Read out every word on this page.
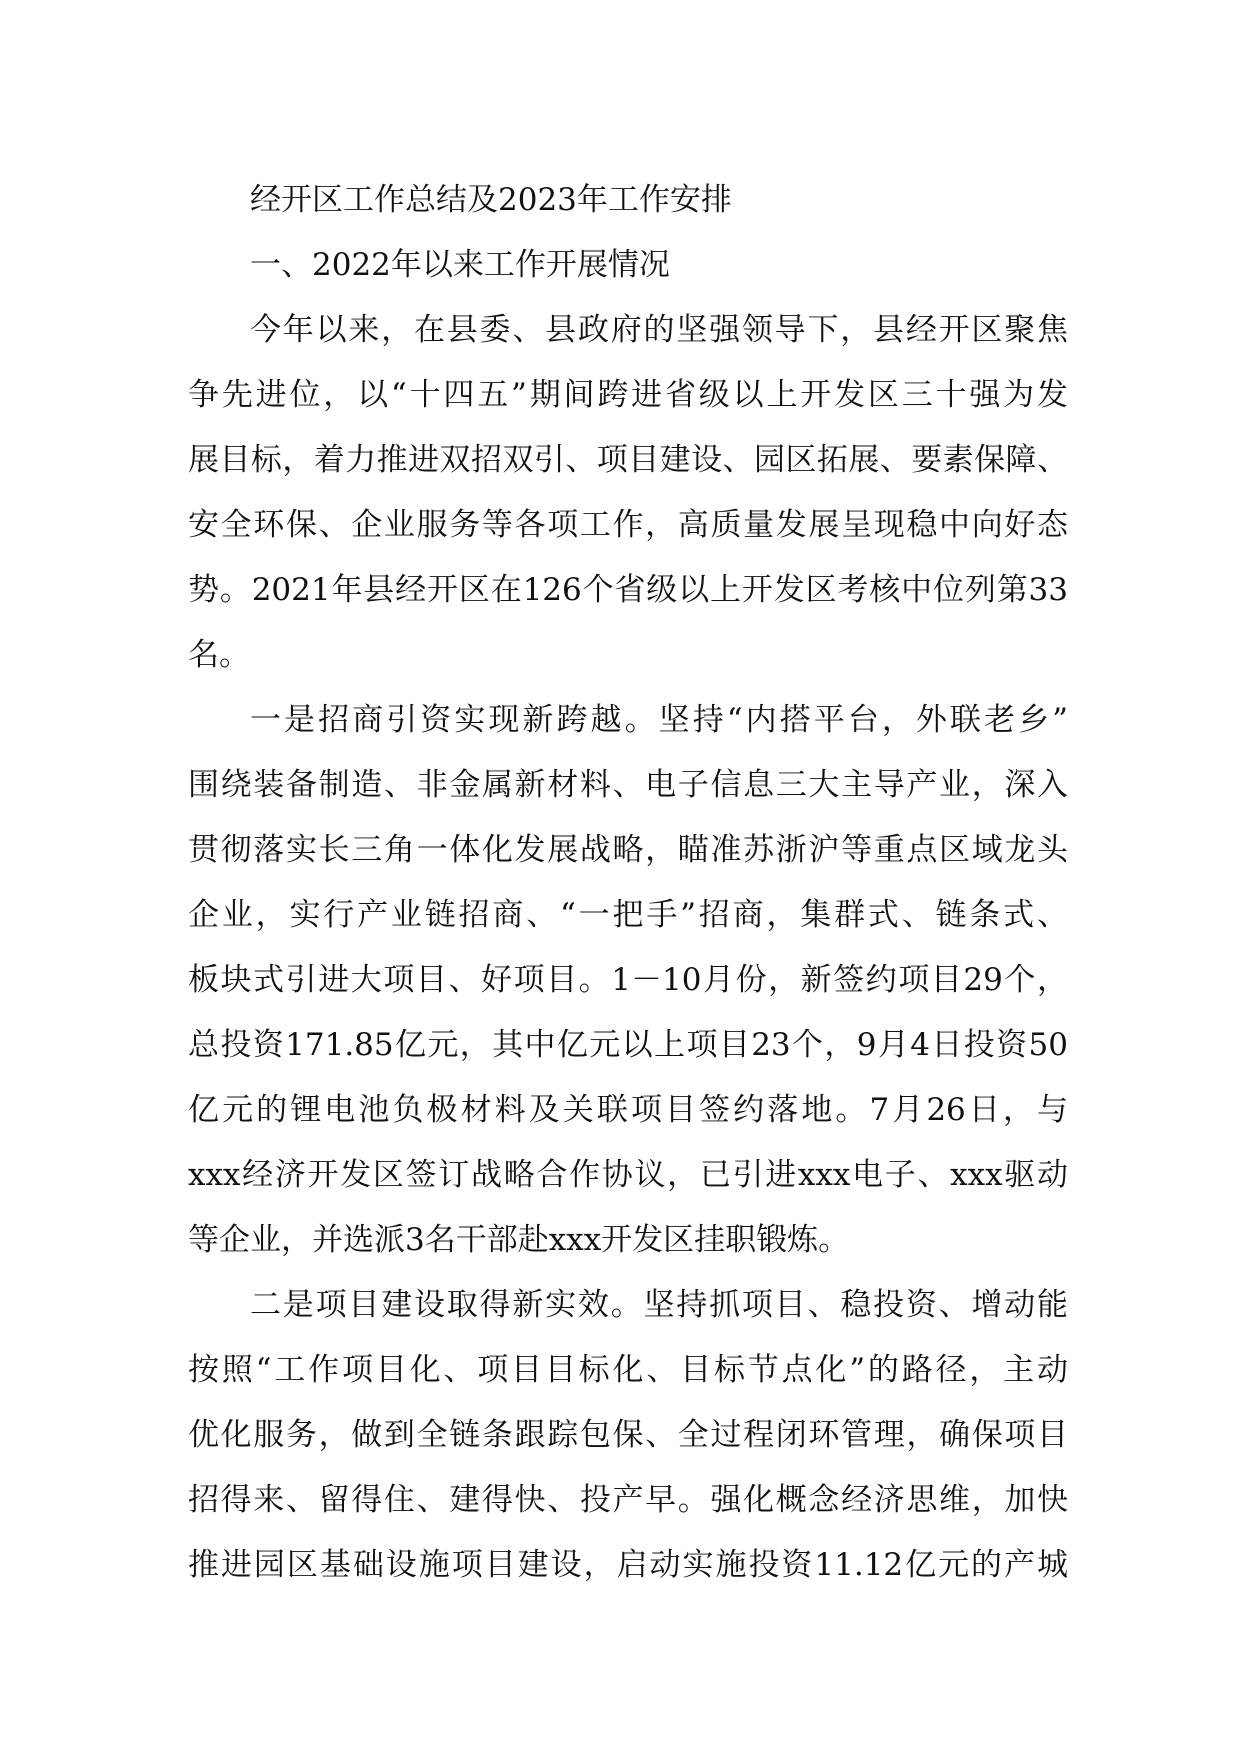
经开区工作总结及2023年工作安排
一、2022年以来工作开展情况
今年以来，在县委、县政府的坚强领导下，县经开区聚焦
争先进位，以“十四五”期间跨进省级以上开发区三十强为发
展目标，着力推进双招双引、项目建设、园区拓展、要素保障、
安全环保、企业服务等各项工作，高质量发展呈现稳中向好态
势。2021年县经开区在126个省级以上开发区考核中位列第33
名。
一是招商引资实现新跨越。坚持“内搭平台，外联老乡”
围绕装备制造、非金属新材料、电子信息三大主导产业，深入
贯彻落实长三角一体化发展战略，瞄准苏浙沪等重点区域龙头
企业，实行产业链招商、“一把手”招商，集群式、链条式、
板块式引进大项目、好项目。1－10月份，新签约项目29个，
总投资171.85亿元，其中亿元以上项目23个，9月4日投资50
亿元的锂电池负极材料及关联项目签约落地。7月26日，与
xxx经济开发区签订战略合作协议，已引进xxx电子、xxx驱动
等企业，并选派3名干部赴xxx开发区挂职锻炼。
二是项目建设取得新实效。坚持抓项目、稳投资、增动能
按照“工作项目化、项目目标化、目标节点化”的路径，主动
优化服务，做到全链条跟踪包保、全过程闭环管理，确保项目
招得来、留得住、建得快、投产早。强化概念经济思维，加快
推进园区基础设施项目建设，启动实施投资11.12亿元的产城
